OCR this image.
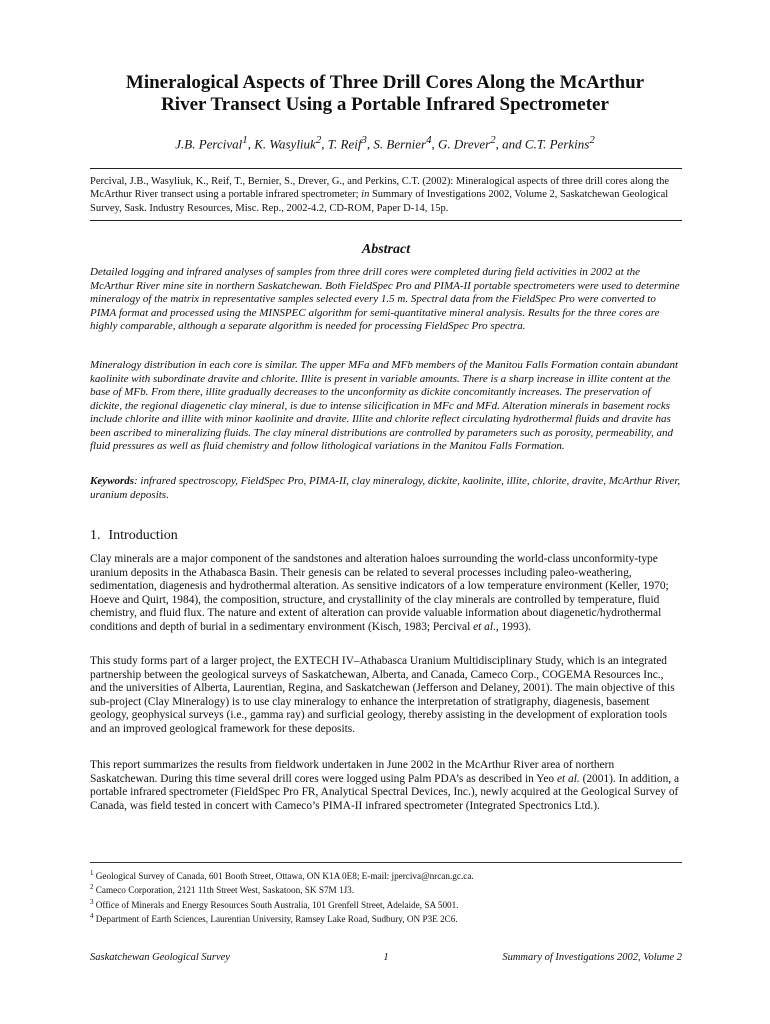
Mineralogical Aspects of Three Drill Cores Along the McArthur
River Transect Using a Portable Infrared Spectrometer
J.B. Percival$^1$, K. Wasyliuk$^2$, T. Reif$^3$, S. Bernier$^4$, G. Drever$^2$, and C.T. Perkins$^2$
Percival, J.B., Wasyliuk, K., Reif, T., Bernier, S., Drever, G., and Perkins, C.T. (2002): Mineralogical aspects of three drill cores along the McArthur River transect using a portable infrared spectrometer; in Summary of Investigations 2002, Volume 2, Saskatchewan Geological Survey, Sask. Industry Resources, Misc. Rep., 2002-4.2, CD-ROM, Paper D-14, 15p.
Abstract
Detailed logging and infrared analyses of samples from three drill cores were completed during field activities in 2002 at the McArthur River mine site in northern Saskatchewan. Both FieldSpec Pro and PIMA-II portable spectrometers were used to determine mineralogy of the matrix in representative samples selected every 1.5 m. Spectral data from the FieldSpec Pro were converted to PIMA format and processed using the MINSPEC algorithm for semi-quantitative mineral analysis. Results for the three cores are highly comparable, although a separate algorithm is needed for processing FieldSpec Pro spectra.
Mineralogy distribution in each core is similar. The upper MFa and MFb members of the Manitou Falls Formation contain abundant kaolinite with subordinate dravite and chlorite. Illite is present in variable amounts. There is a sharp increase in illite content at the base of MFb. From there, illite gradually decreases to the unconformity as dickite concomitantly increases. The preservation of dickite, the regional diagenetic clay mineral, is due to intense silicification in MFc and MFd. Alteration minerals in basement rocks include chlorite and illite with minor kaolinite and dravite. Illite and chlorite reflect circulating hydrothermal fluids and dravite has been ascribed to mineralizing fluids. The clay mineral distributions are controlled by parameters such as porosity, permeability, and fluid pressures as well as fluid chemistry and follow lithological variations in the Manitou Falls Formation.
Keywords: infrared spectroscopy, FieldSpec Pro, PIMA-II, clay mineralogy, dickite, kaolinite, illite, chlorite, dravite, McArthur River, uranium deposits.
1. Introduction
Clay minerals are a major component of the sandstones and alteration haloes surrounding the world-class unconformity-type uranium deposits in the Athabasca Basin. Their genesis can be related to several processes including paleo-weathering, sedimentation, diagenesis and hydrothermal alteration. As sensitive indicators of a low temperature environment (Keller, 1970; Hoeve and Quirt, 1984), the composition, structure, and crystallinity of the clay minerals are controlled by temperature, fluid chemistry, and fluid flux. The nature and extent of alteration can provide valuable information about diagenetic/hydrothermal conditions and depth of burial in a sedimentary environment (Kisch, 1983; Percival et al., 1993).
This study forms part of a larger project, the EXTECH IV–Athabasca Uranium Multidisciplinary Study, which is an integrated partnership between the geological surveys of Saskatchewan, Alberta, and Canada, Cameco Corp., COGEMA Resources Inc., and the universities of Alberta, Laurentian, Regina, and Saskatchewan (Jefferson and Delaney, 2001). The main objective of this sub-project (Clay Mineralogy) is to use clay mineralogy to enhance the interpretation of stratigraphy, diagenesis, basement geology, geophysical surveys (i.e., gamma ray) and surficial geology, thereby assisting in the development of exploration tools and an improved geological framework for these deposits.
This report summarizes the results from fieldwork undertaken in June 2002 in the McArthur River area of northern Saskatchewan. During this time several drill cores were logged using Palm PDA’s as described in Yeo et al. (2001). In addition, a portable infrared spectrometer (FieldSpec Pro FR, Analytical Spectral Devices, Inc.), newly acquired at the Geological Survey of Canada, was field tested in concert with Cameco’s PIMA-II infrared spectrometer (Integrated Spectronics Ltd.).
$^1$ Geological Survey of Canada, 601 Booth Street, Ottawa, ON K1A 0E8; E-mail: jperciva@nrcan.gc.ca.
$^2$ Cameco Corporation, 2121 11th Street West, Saskatoon, SK S7M 1J3.
$^3$ Office of Minerals and Energy Resources South Australia, 101 Grenfell Street, Adelaide, SA 5001.
$^4$ Department of Earth Sciences, Laurentian University, Ramsey Lake Road, Sudbury, ON P3E 2C6.
Saskatchewan Geological Survey	1	Summary of Investigations 2002, Volume 2
